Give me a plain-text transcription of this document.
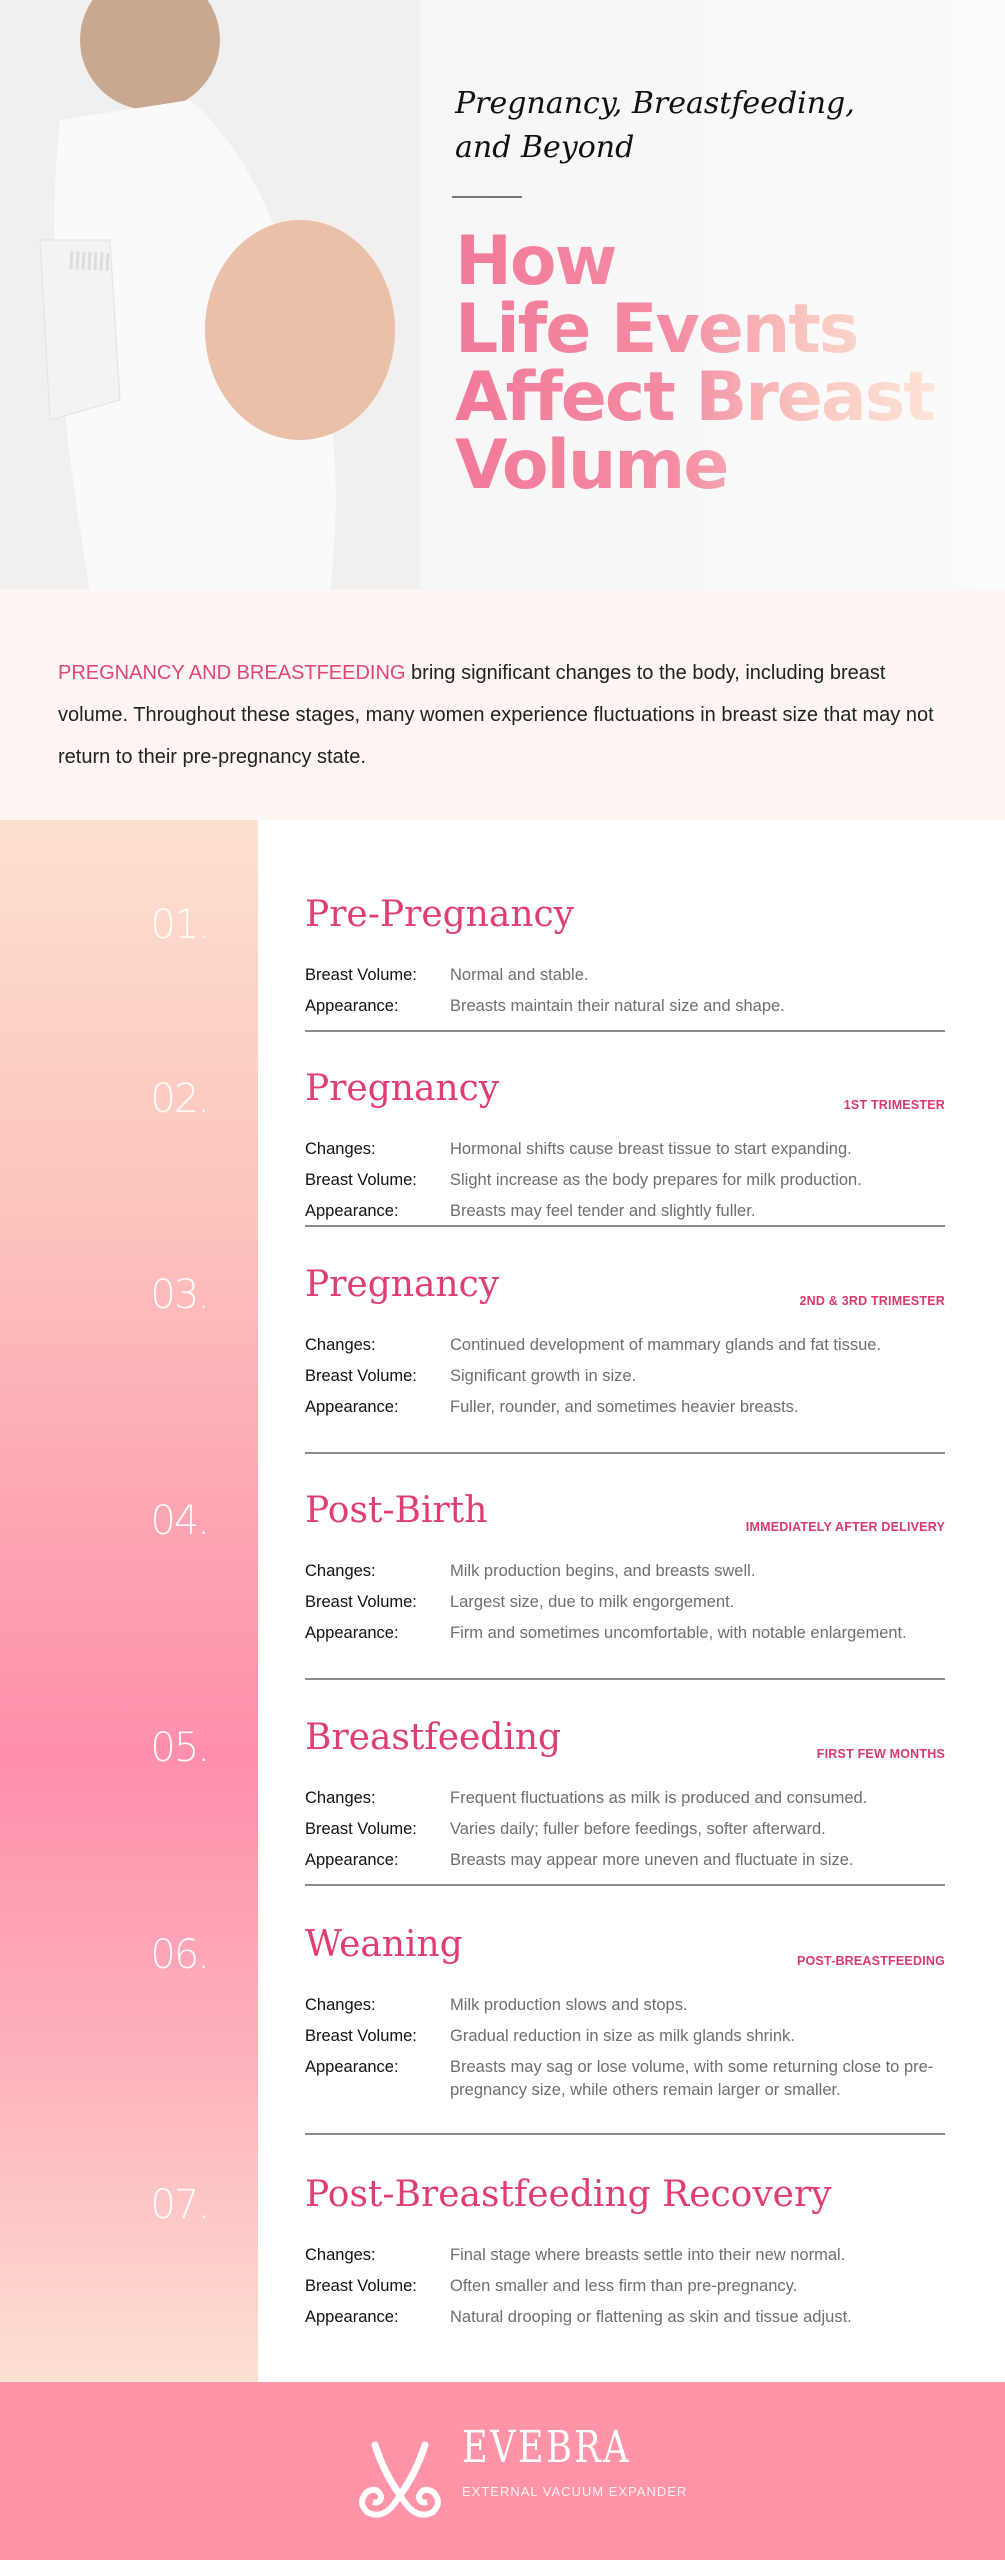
Pregnancy, Breastfeeding,
and Beyond
How
Life Events
Affect Breast
Volume

PREGNANCY AND BREASTFEEDING bring significant changes to the body, including breast volume. Throughout these stages, many women experience fluctuations in breast size that may not return to their pre-pregnancy state.

01.	Pre-Pregnancy
Breast Volume:	Normal and stable.
Appearance:	Breasts maintain their natural size and shape.
02.	Pregnancy	1ST TRIMESTER
Changes:	Hormonal shifts cause breast tissue to start expanding.
Breast Volume:	Slight increase as the body prepares for milk production.
Appearance:	Breasts may feel tender and slightly fuller.
03.	Pregnancy	2ND & 3RD TRIMESTER
Changes:	Continued development of mammary glands and fat tissue.
Breast Volume:	Significant growth in size.
Appearance:	Fuller, rounder, and sometimes heavier breasts.
04.	Post-Birth	IMMEDIATELY AFTER DELIVERY
Changes:	Milk production begins, and breasts swell.
Breast Volume:	Largest size, due to milk engorgement.
Appearance:	Firm and sometimes uncomfortable, with notable enlargement.
05.	Breastfeeding	FIRST FEW MONTHS
Changes:	Frequent fluctuations as milk is produced and consumed.
Breast Volume:	Varies daily; fuller before feedings, softer afterward.
Appearance:	Breasts may appear more uneven and fluctuate in size.
06.	Weaning	POST-BREASTFEEDING
Changes:	Milk production slows and stops.
Breast Volume:	Gradual reduction in size as milk glands shrink.
Appearance:	Breasts may sag or lose volume, with some returning close to pre-pregnancy size, while others remain larger or smaller.
07.	Post-Breastfeeding Recovery
Changes:	Final stage where breasts settle into their new normal.
Breast Volume:	Often smaller and less firm than pre-pregnancy.
Appearance:	Natural drooping or flattening as skin and tissue adjust.
EVEBRA
EXTERNAL VACUUM EXPANDER
